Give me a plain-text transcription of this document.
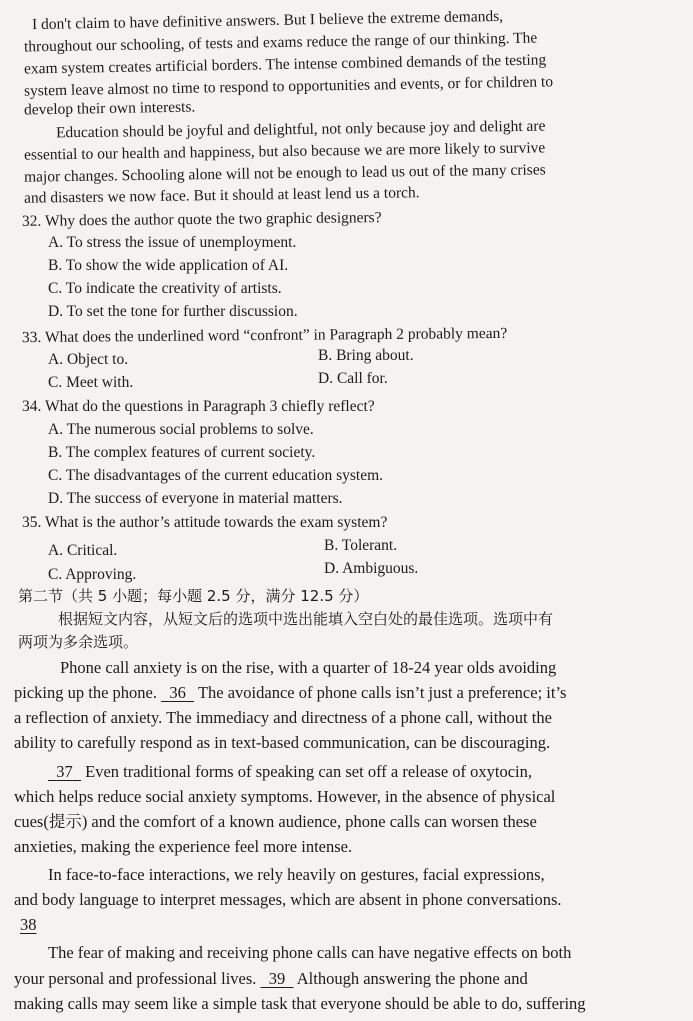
I don't claim to have definitive answers. But I believe the extreme demands,
throughout our schooling, of tests and exams reduce the range of our thinking. The
exam system creates artificial borders. The intense combined demands of the testing
system leave almost no time to respond to opportunities and events, or for children to
develop their own interests.
Education should be joyful and delightful, not only because joy and delight are
essential to our health and happiness, but also because we are more likely to survive
major changes. Schooling alone will not be enough to lead us out of the many crises
and disasters we now face. But it should at least lend us a torch.
32. Why does the author quote the two graphic designers?
A. To stress the issue of unemployment.
B. To show the wide application of AI.
C. To indicate the creativity of artists.
D. To set the tone for further discussion.
33. What does the underlined word “confront” in Paragraph 2 probably mean?
A. Object to.	B. Bring about.
C. Meet with.	D. Call for.
34. What do the questions in Paragraph 3 chiefly reflect?
A. The numerous social problems to solve.
B. The complex features of current society.
C. The disadvantages of the current education system.
D. The success of everyone in material matters.
35. What is the author’s attitude towards the exam system?
A. Critical.	B. Tolerant.
C. Approving.	D. Ambiguous.
第二节（共 5 小题；每小题 2.5 分，满分 12.5 分）
根据短文内容，从短文后的选项中选出能填入空白处的最佳选项。选项中有
两项为多余选项。
Phone call anxiety is on the rise, with a quarter of 18-24 year olds avoiding
picking up the phone. 36 The avoidance of phone calls isn’t just a preference; it’s
a reflection of anxiety. The immediacy and directness of a phone call, without the
ability to carefully respond as in text-based communication, can be discouraging.
37 Even traditional forms of speaking can set off a release of oxytocin,
which helps reduce social anxiety symptoms. However, in the absence of physical
cues(提示) and the comfort of a known audience, phone calls can worsen these
anxieties, making the experience feel more intense.
In face-to-face interactions, we rely heavily on gestures, facial expressions,
and body language to interpret messages, which are absent in phone conversations.
38
The fear of making and receiving phone calls can have negative effects on both
your personal and professional lives. 39 Although answering the phone and
making calls may seem like a simple task that everyone should be able to do, suffering
